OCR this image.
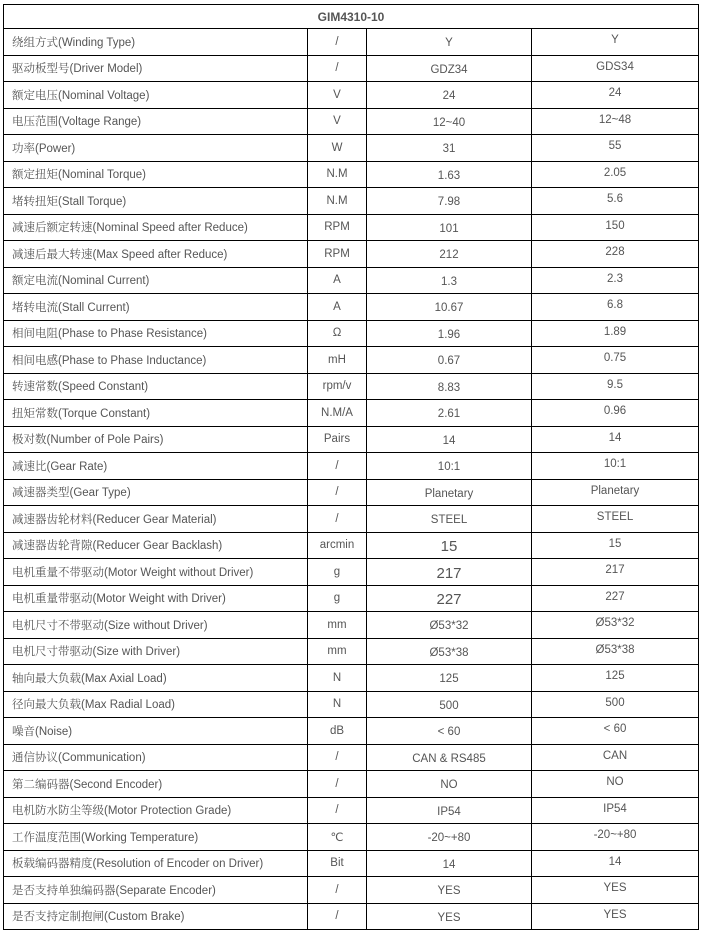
GIM4310-10			
绕组方式(Winding Type)	/	Y	Y
驱动板型号(Driver Model)	/	GDZ34	GDS34
额定电压(Nominal Voltage)	V	24	24
电压范围(Voltage Range)	V	12~40	12~48
功率(Power)	W	31	55
额定扭矩(Nominal Torque)	N.M	1.63	2.05
堵转扭矩(Stall Torque)	N.M	7.98	5.6
减速后额定转速(Nominal Speed after Reduce)	RPM	101	150
减速后最大转速(Max Speed after Reduce)	RPM	212	228
额定电流(Nominal Current)	A	1.3	2.3
堵转电流(Stall Current)	A	10.67	6.8
相间电阻(Phase to Phase Resistance)	Ω	1.96	1.89
相间电感(Phase to Phase Inductance)	mH	0.67	0.75
转速常数(Speed Constant)	rpm/v	8.83	9.5
扭矩常数(Torque Constant)	N.M/A	2.61	0.96
极对数(Number of Pole Pairs)	Pairs	14	14
减速比(Gear Rate)	/	10:1	10:1
减速器类型(Gear Type)	/	Planetary	Planetary
减速器齿轮材料(Reducer Gear Material)	/	STEEL	STEEL
减速器齿轮背隙(Reducer Gear Backlash)	arcmin	15	15
电机重量不带驱动(Motor Weight without Driver)	g	217	217
电机重量带驱动(Motor Weight with Driver)	g	227	227
电机尺寸不带驱动(Size without Driver)	mm	Ø53*32	Ø53*32
电机尺寸带驱动(Size with Driver)	mm	Ø53*38	Ø53*38
轴向最大负载(Max Axial Load)	N	125	125
径向最大负载(Max Radial Load)	N	500	500
噪音(Noise)	dB	< 60	< 60
通信协议(Communication)	/	CAN & RS485	CAN
第二编码器(Second Encoder)	/	NO	NO
电机防水防尘等级(Motor Protection Grade)	/	IP54	IP54
工作温度范围(Working Temperature)	℃	-20~+80	-20~+80
板载编码器精度(Resolution of Encoder on Driver)	Bit	14	14
是否支持单独编码器(Separate Encoder)	/	YES	YES
是否支持定制抱闸(Custom Brake)	/	YES	YES
